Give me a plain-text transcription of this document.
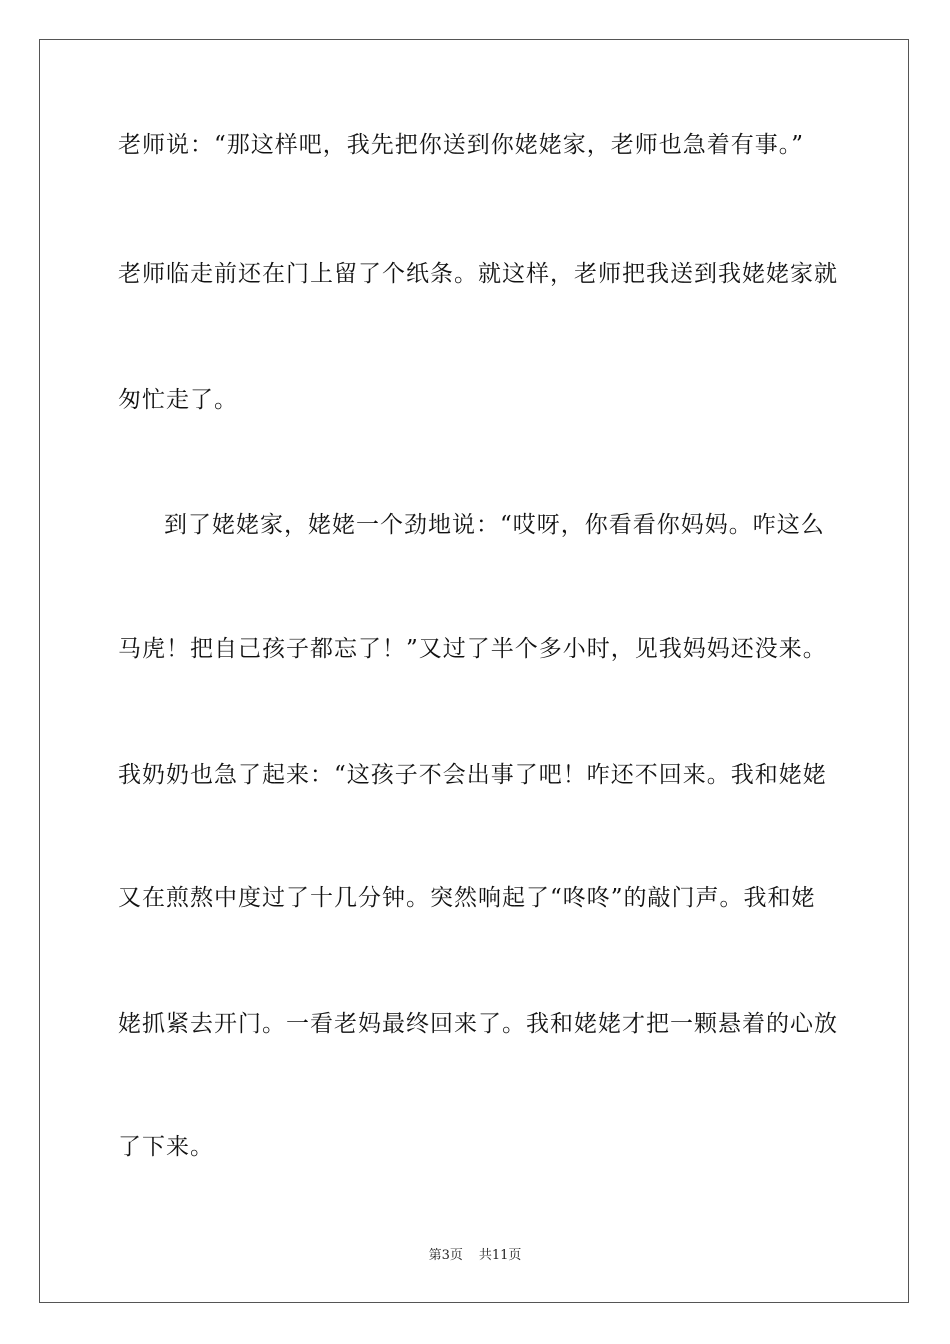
老师说：“那这样吧，我先把你送到你姥姥家，老师也急着有事。”
老师临走前还在门上留了个纸条。就这样，老师把我送到我姥姥家就
匆忙走了。
到了姥姥家，姥姥一个劲地说：“哎呀，你看看你妈妈。咋这么
马虎！把自己孩子都忘了！”又过了半个多小时，见我妈妈还没来。
我奶奶也急了起来：“这孩子不会出事了吧！咋还不回来。我和姥姥
又在煎熬中度过了十几分钟。突然响起了“咚咚”的敲门声。我和姥
姥抓紧去开门。一看老妈最终回来了。我和姥姥才把一颗悬着的心放
了下来。
第3页 共11页
